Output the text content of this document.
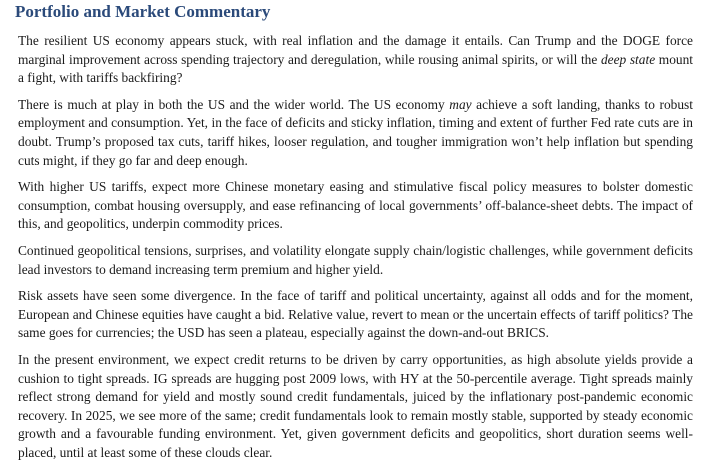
Portfolio and Market Commentary

The resilient US economy appears stuck, with real inflation and the damage it entails. Can Trump and the DOGE force marginal improvement across spending trajectory and deregulation, while rousing animal spirits, or will the deep state mount a fight, with tariffs backfiring?

There is much at play in both the US and the wider world. The US economy may achieve a soft landing, thanks to robust employment and consumption. Yet, in the face of deficits and sticky inflation, timing and extent of further Fed rate cuts are in doubt. Trump’s proposed tax cuts, tariff hikes, looser regulation, and tougher immigration won’t help inflation but spending cuts might, if they go far and deep enough.

With higher US tariffs, expect more Chinese monetary easing and stimulative fiscal policy measures to bolster domestic consumption, combat housing oversupply, and ease refinancing of local governments’ off-balance-sheet debts. The impact of this, and geopolitics, underpin commodity prices.

Continued geopolitical tensions, surprises, and volatility elongate supply chain/logistic challenges, while government deficits lead investors to demand increasing term premium and higher yield.

Risk assets have seen some divergence. In the face of tariff and political uncertainty, against all odds and for the moment, European and Chinese equities have caught a bid. Relative value, revert to mean or the uncertain effects of tariff politics? The same goes for currencies; the USD has seen a plateau, especially against the down-and-out BRICS.

In the present environment, we expect credit returns to be driven by carry opportunities, as high absolute yields provide a cushion to tight spreads. IG spreads are hugging post 2009 lows, with HY at the 50-percentile average. Tight spreads mainly reflect strong demand for yield and mostly sound credit fundamentals, juiced by the inflationary post-pandemic economic recovery. In 2025, we see more of the same; credit fundamentals look to remain mostly stable, supported by steady economic growth and a favourable funding environment. Yet, given government deficits and geopolitics, short duration seems well-placed, until at least some of these clouds clear.
